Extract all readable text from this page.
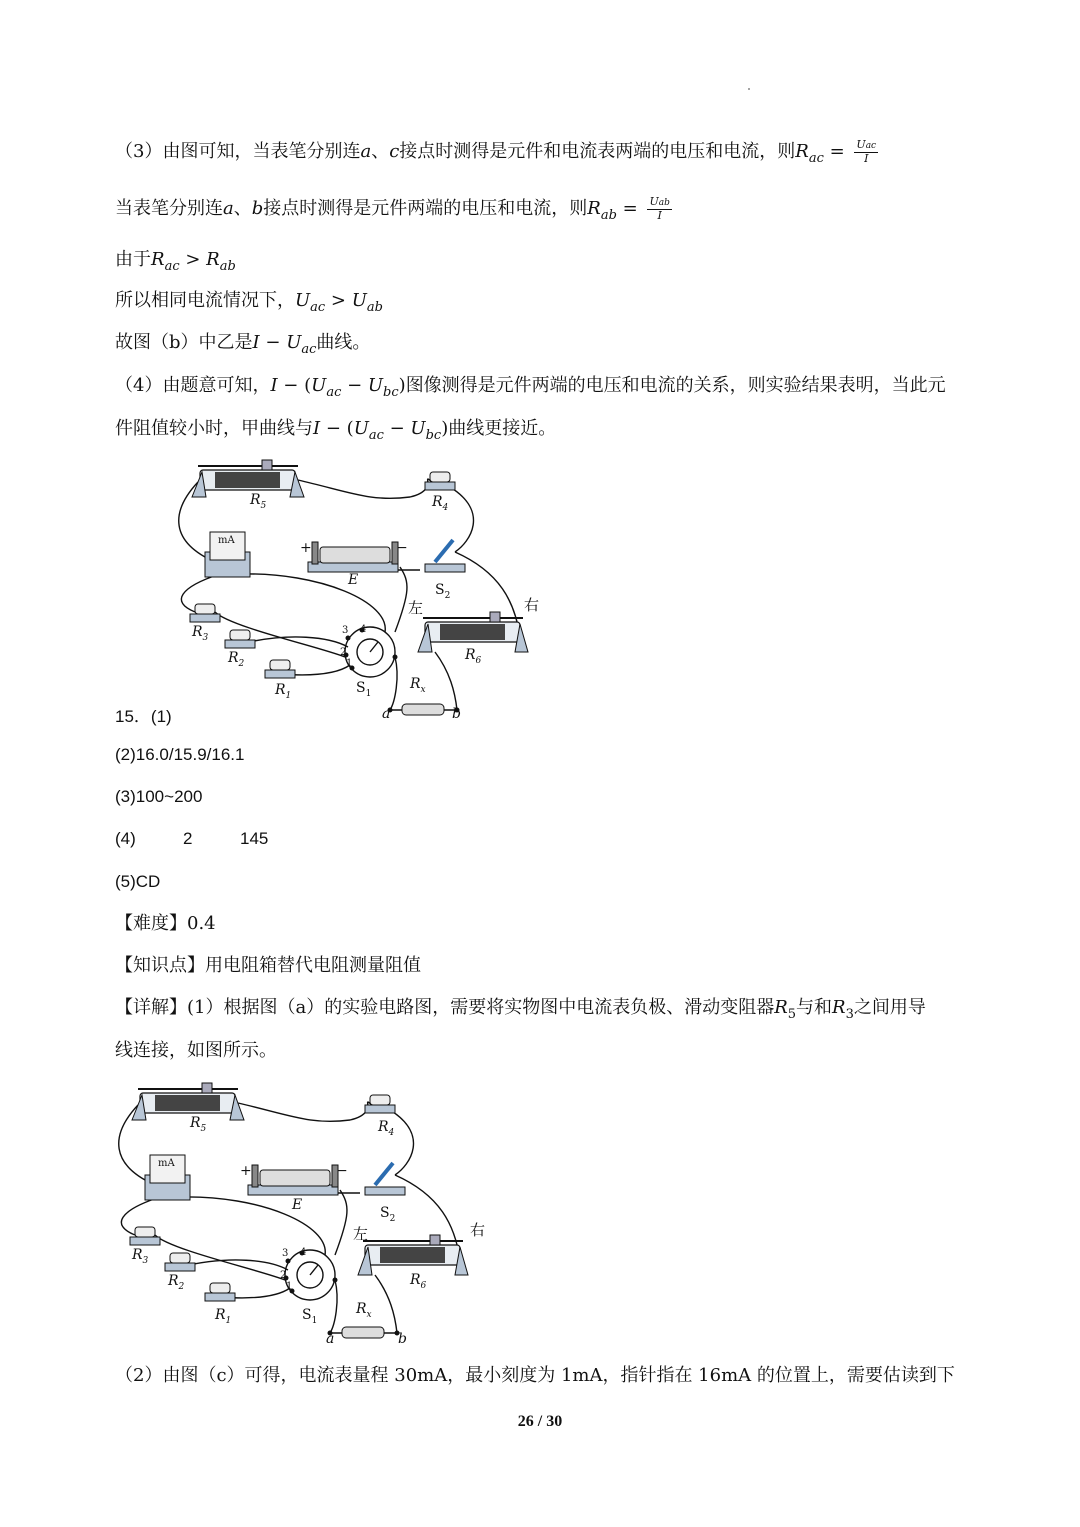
（3）由图可知，当表笔分别连a、c接点时测得是元件和电流表两端的电压和电流，则$R_{ac} = \frac{\text{Uac}}{I}$
当表笔分别连a、b接点时测得是元件两端的电压和电流，则$R_{ab} = \frac{\text{Uab}}{I}$
由于$R_{ac} > R_{ab}$
所以相同电流情况下，$U_{ac} > U_{ab}$
故图（b）中乙是$I - U_{ac}$曲线。
（4）由题意可知，$I - (U_{ac} - U_{bc})$图像测得是元件两端的电压和电流的关系，则实验结果表明，当此元
件阻值较小时，甲曲线与$I - (U_{ac} - U_{bc})$曲线更接近。
$R_5$	$R_4$
mA	+	−
E
$S_2$
左	右
$R_3$
$R_2$
$R_1$
$R_6$
$R_x$
$S_1$
a	b
3 4
2
1
15．(1)
(2)16.0/15.9/16.1
(3)100~200
(4)	2	145
(5)CD
【难度】0.4
【知识点】用电阻箱替代电阻测量阻值
【详解】(1）根据图（a）的实验电路图，需要将实物图中电流表负极、滑动变阻器$R_5$与和$R_3$之间用导
线连接，如图所示。
$R_5$	$R_4$
mA	+	−
E	$S_2$
左	右
$R_3$
$R_2$
$R_1$
$R_6$
$R_x$
$S_1$
a	b
3 4
2
1
（2）由图（c）可得，电流表量程 30mA，最小刻度为 1mA，指针指在 16mA 的位置上，需要估读到下
26 / 30
